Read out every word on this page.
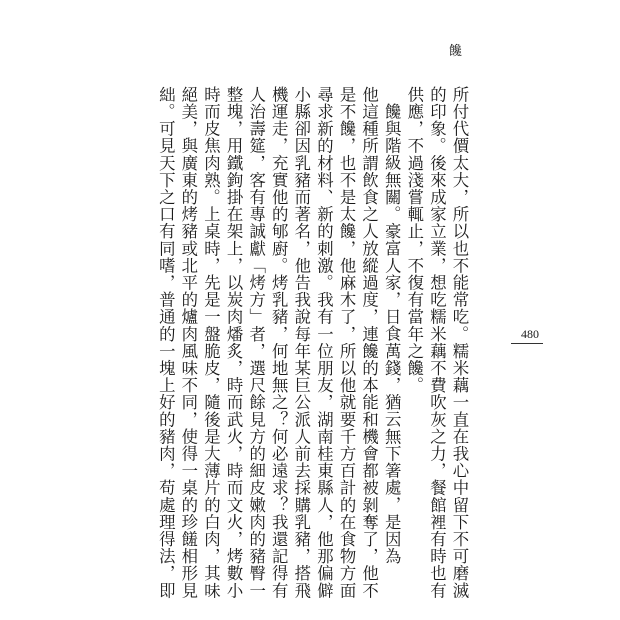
饞
480
所付代價太大，所以也不能常吃。糯米藕一直在我心中留下不可磨滅
的印象。後來成家立業，想吃糯米藕不費吹灰之力，餐館裡有時也有
供應，不過淺嘗輒止，不復有當年之饞。
饞與階級無關。豪富人家，日食萬錢，猶云無下箸處，是因為
他這種所謂飲食之人放縱過度，連饞的本能和機會都被剝奪了，他不
是不饞，也不是太饞，他麻木了，所以他就要千方百計的在食物方面
尋求新的材料、新的刺激。我有一位朋友，湖南桂東縣人，他那偏僻
小縣卻因乳豬而著名，他告我說每年某巨公派人前去採購乳豬，搭飛
機運走，充實他的郇廚。烤乳豬，何地無之？何必遠求？我還記得有
人治壽筵，客有專誠獻「烤方」者，選尺餘見方的細皮嫩肉的豬臀一
整塊，用鐵鉤掛在架上，以炭肉燔炙，時而武火，時而文火，烤數小
時而皮焦肉熟。上桌時，先是一盤脆皮，隨後是大薄片的白肉，其味
絕美，與廣東的烤豬或北平的爐肉風味不同，使得一桌的珍饈相形見
絀。可見天下之口有同嗜，普通的一塊上好的豬肉，苟處理得法，即
